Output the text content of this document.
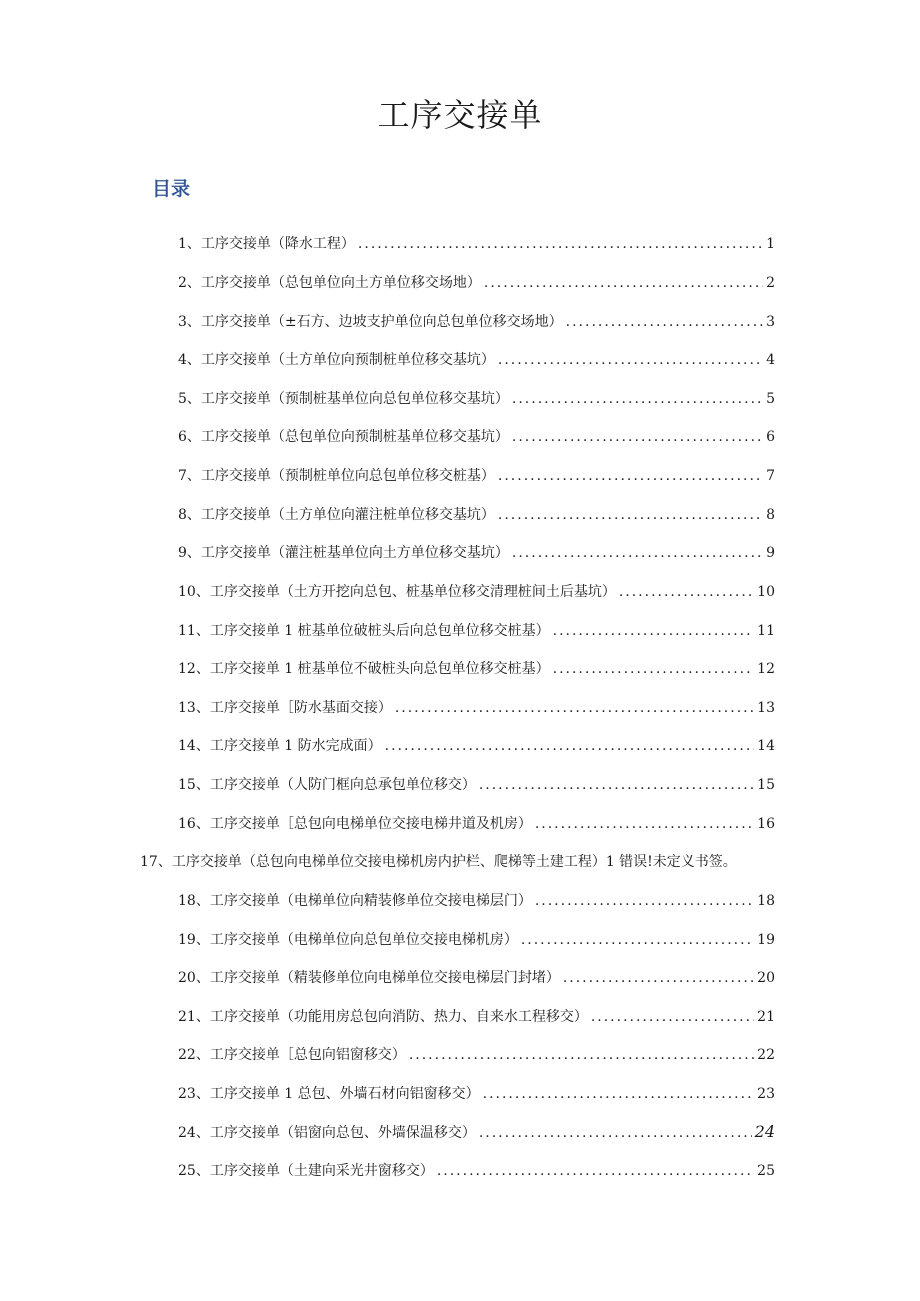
工序交接单
目录
1、工序交接单（降水工程） .....	1
2、工序交接单（总包单位向土方单位移交场地） .....	2
3、工序交接单（±石方、边坡支护单位向总包单位移交场地） .....	3
4、工序交接单（土方单位向预制桩单位移交基坑） .....	4
5、工序交接单（预制桩基单位向总包单位移交基坑） .....	5
6、工序交接单（总包单位向预制桩基单位移交基坑） .....	6
7、工序交接单（预制桩单位向总包单位移交桩基） .....	7
8、工序交接单（土方单位向灌注桩单位移交基坑） .....	8
9、工序交接单（灌注桩基单位向土方单位移交基坑） .....	9
10、工序交接单（土方开挖向总包、桩基单位移交清理桩间土后基坑） .....	10
11、工序交接单 1 桩基单位破桩头后向总包单位移交桩基） .....	11
12、工序交接单 1 桩基单位不破桩头向总包单位移交桩基） .....	12
13、工序交接单［防水基面交接） .....	13
14、工序交接单 1 防水完成面） .....	14
15、工序交接单（人防门框向总承包单位移交） .....	15
16、工序交接单［总包向电梯单位交接电梯井道及机房） .....	16
17、工序交接单（总包向电梯单位交接电梯机房内护栏、爬梯等土建工程）1 错误!未定义书签。
18、工序交接单（电梯单位向精装修单位交接电梯层门） .....	18
19、工序交接单（电梯单位向总包单位交接电梯机房） .....	19
20、工序交接单（精装修单位向电梯单位交接电梯层门封堵） .....	20
21、工序交接单（功能用房总包向消防、热力、自来水工程移交） .....	21
22、工序交接单［总包向铝窗移交） .....	22
23、工序交接单 1 总包、外墙石材向铝窗移交） .....	23
24、工序交接单（铝窗向总包、外墙保温移交） .....	24
25、工序交接单（土建向采光井窗移交） .....	25
